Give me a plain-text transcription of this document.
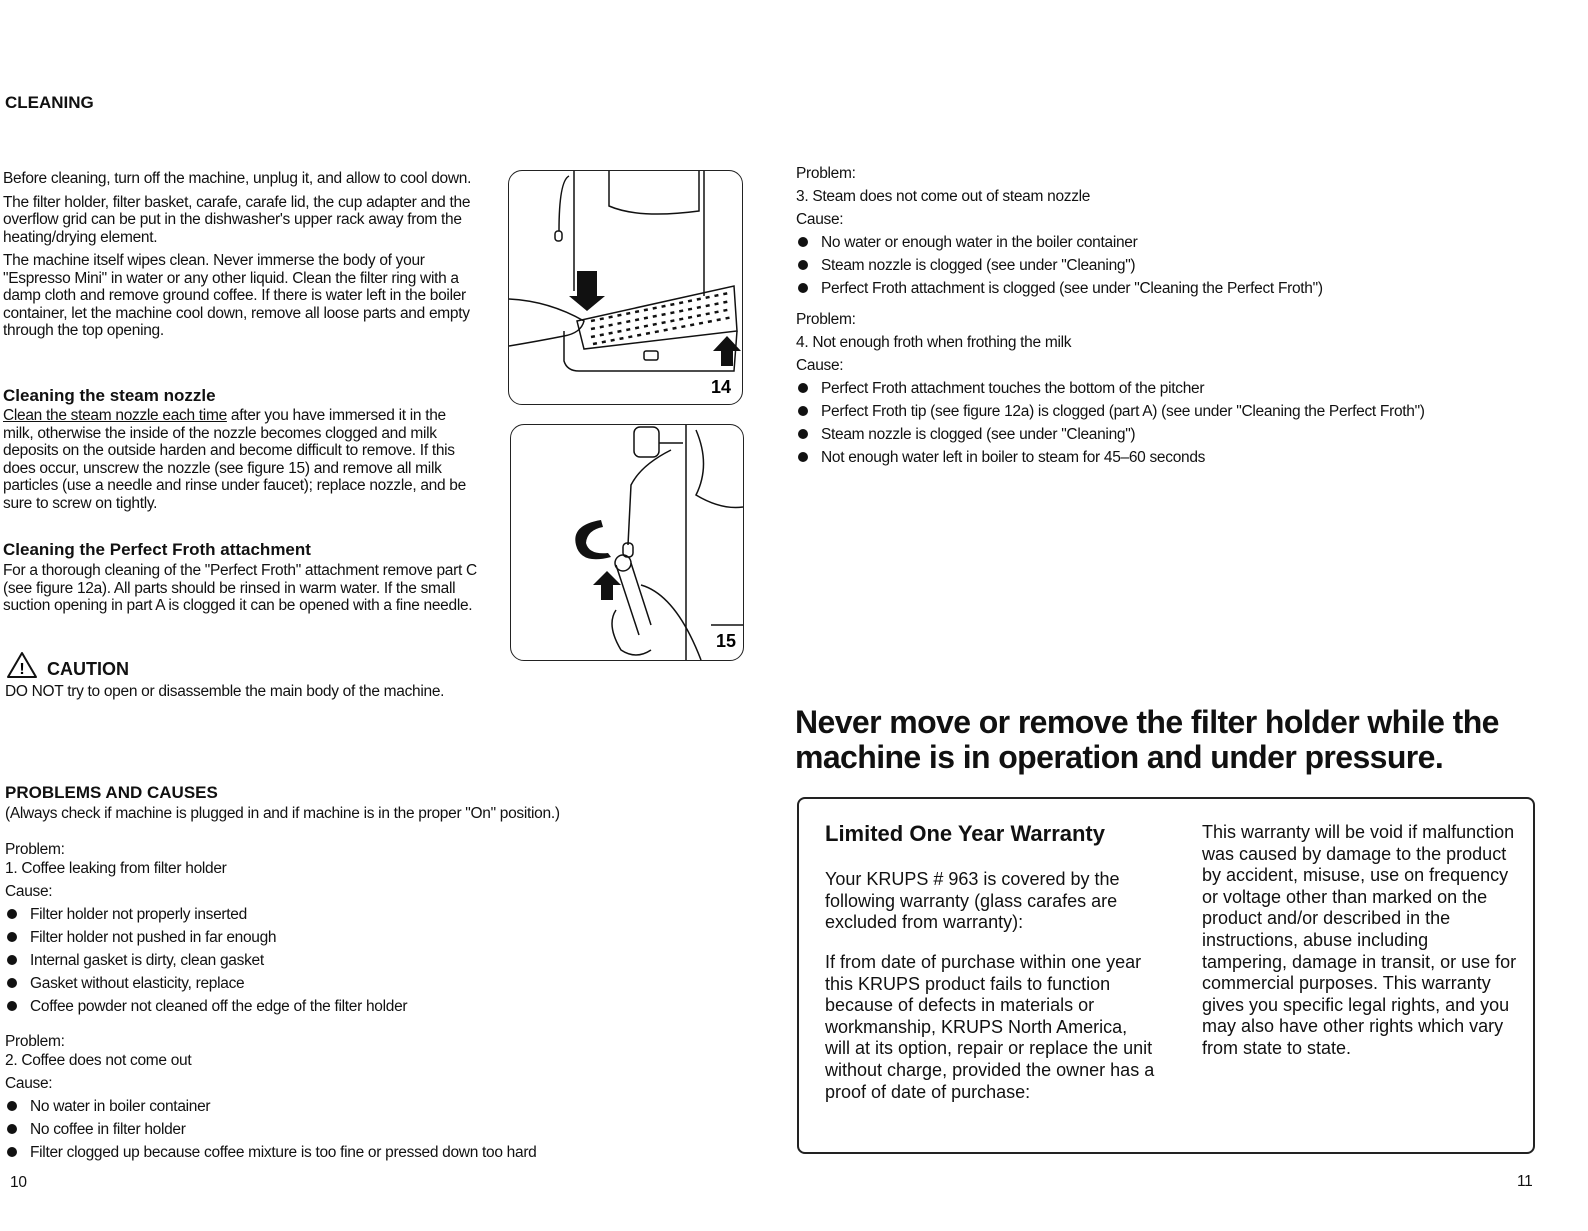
CLEANING

Before cleaning, turn off the machine, unplug it, and allow to cool down.

The filter holder, filter basket, carafe, carafe lid, the cup adapter and the overflow grid can be put in the dishwasher's upper rack away from the heating/drying element.

The machine itself wipes clean. Never immerse the body of your "Espresso Mini" in water or any other liquid. Clean the filter ring with a damp cloth and remove ground coffee. If there is water left in the boiler container, let the machine cool down, remove all loose parts and empty through the top opening.

Cleaning the steam nozzle

Clean the steam nozzle each time after you have immersed it in the milk, otherwise the inside of the nozzle becomes clogged and milk deposits on the outside harden and become difficult to remove. If this does occur, unscrew the nozzle (see figure 15) and remove all milk particles (use a needle and rinse under faucet); replace nozzle, and be sure to screw on tightly.

Cleaning the Perfect Froth attachment

For a thorough cleaning of the "Perfect Froth" attachment remove part C (see figure 12a). All parts should be rinsed in warm water. If the small suction opening in part A is clogged it can be opened with a fine needle.

! CAUTION

DO NOT try to open or disassemble the main body of the machine.

PROBLEMS AND CAUSES
(Always check if machine is plugged in and if machine is in the proper "On" position.)
Problem:
1. Coffee leaking from filter holder
Cause:
Filter holder not properly inserted
Filter holder not pushed in far enough
Internal gasket is dirty, clean gasket
Gasket without elasticity, replace
Coffee powder not cleaned off the edge of the filter holder
Problem:
2. Coffee does not come out
Cause:
No water in boiler container
No coffee in filter holder
Filter clogged up because coffee mixture is too fine or pressed down too hard
10
14
15
Problem:
3. Steam does not come out of steam nozzle
Cause:
No water or enough water in the boiler container
Steam nozzle is clogged (see under "Cleaning")
Perfect Froth attachment is clogged (see under "Cleaning the Perfect Froth")
Problem:
4. Not enough froth when frothing the milk
Cause:
Perfect Froth attachment touches the bottom of the pitcher
Perfect Froth tip (see figure 12a) is clogged (part A) (see under "Cleaning the Perfect Froth")
Steam nozzle is clogged (see under "Cleaning")
Not enough water left in boiler to steam for 45–60 seconds
Never move or remove the filter holder while the machine is in operation and under pressure.
Limited One Year Warranty
Your KRUPS # 963 is covered by the following warranty (glass carafes are excluded from warranty):
If from date of purchase within one year this KRUPS product fails to function because of defects in materials or workmanship, KRUPS North America, will at its option, repair or replace the unit without charge, provided the owner has a proof of date of purchase:
This warranty will be void if malfunction was caused by damage to the product by accident, misuse, use on frequency or voltage other than marked on the product and/or described in the instructions, abuse including tampering, damage in transit, or use for commercial purposes. This warranty gives you specific legal rights, and you may also have other rights which vary from state to state.
11
